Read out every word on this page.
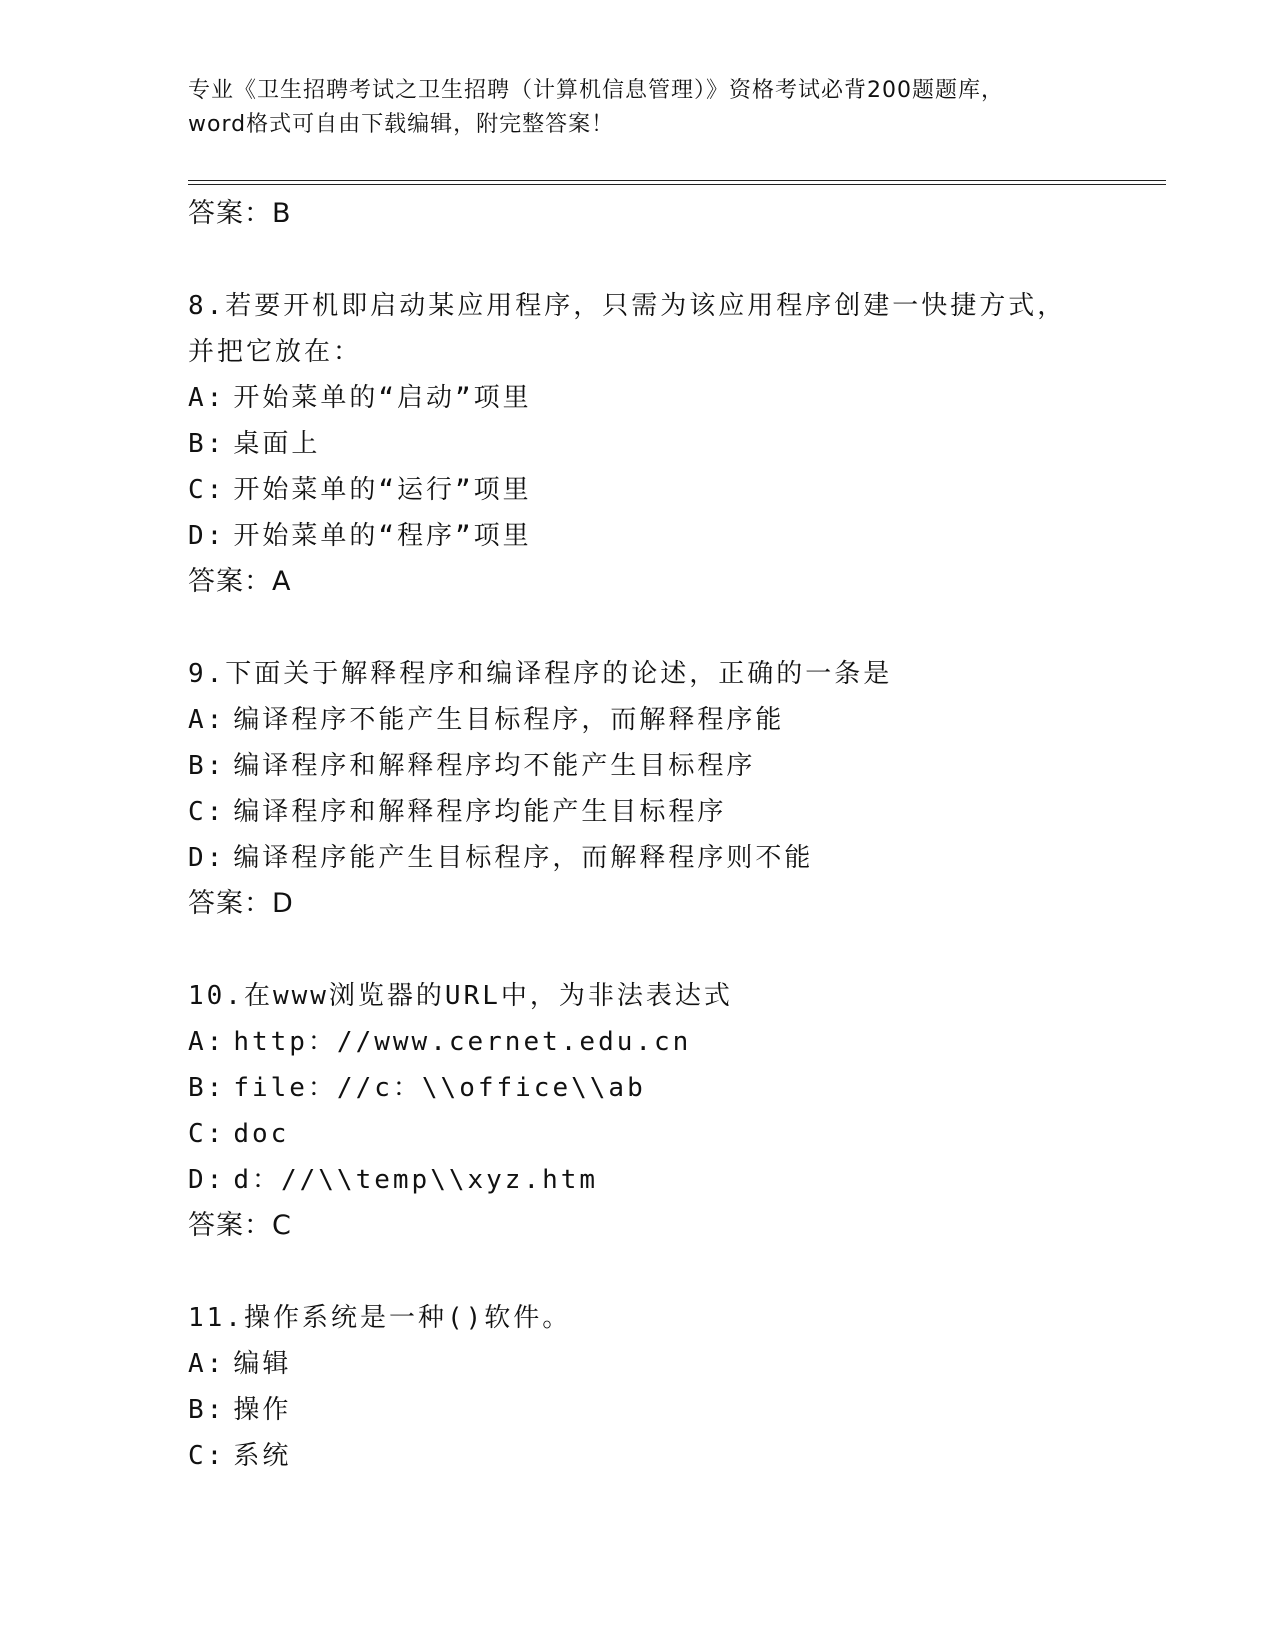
专业《卫生招聘考试之卫生招聘（计算机信息管理）》资格考试必背200题题库，
word格式可自由下载编辑，附完整答案！
答案：B
8.若要开机即启动某应用程序，只需为该应用程序创建一快捷方式，
并把它放在：
A: 开始菜单的“启动”项里
B: 桌面上
C: 开始菜单的“运行”项里
D: 开始菜单的“程序”项里
答案：A
9.下面关于解释程序和编译程序的论述，正确的一条是
A: 编译程序不能产生目标程序，而解释程序能
B: 编译程序和解释程序均不能产生目标程序
C: 编译程序和解释程序均能产生目标程序
D: 编译程序能产生目标程序，而解释程序则不能
答案：D
10.在www浏览器的URL中，为非法表达式
A: http：//www.cernet.edu.cn
B: file：//c：\\office\\ab
C: doc
D: d：//\\temp\\xyz.htm
答案：C
11.操作系统是一种()软件。
A: 编辑
B: 操作
C: 系统
